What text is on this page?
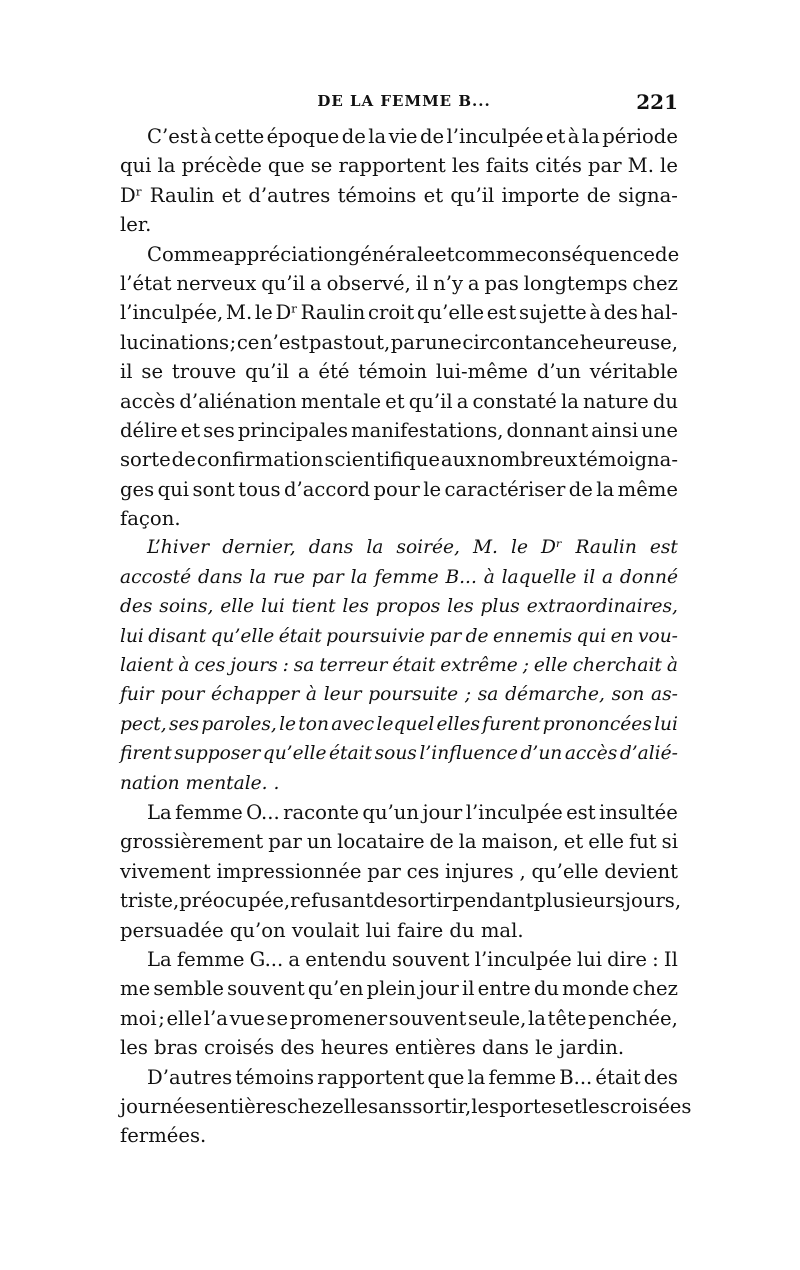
DE LA FEMME B...	221
C’est à cette époque de la vie de l’inculpée et à la période
qui la précède que se rapportent les faits cités par M. le
Dʳ Raulin et d’autres témoins et qu’il importe de signa-
ler.
Comme appréciation générale et comme conséquence de
l’état nerveux qu’il a observé, il n’y a pas longtemps chez
l’inculpée, M. le Dʳ Raulin croit qu’elle est sujette à des hal-
lucinations ; ce n’est pas tout, par une circontance heureuse,
il se trouve qu’il a été témoin lui-même d’un véritable
accès d’aliénation mentale et qu’il a constaté la nature du
délire et ses principales manifestations, donnant ainsi une
sorte de confirmation scientifique aux nombreux témoigna-
ges qui sont tous d’accord pour le caractériser de la même
façon.
L’hiver dernier, dans la soirée, M. le Dʳ Raulin est
accosté dans la rue par la femme B... à laquelle il a donné
des soins, elle lui tient les propos les plus extraordinaires,
lui disant qu’elle était poursuivie par de ennemis qui en vou-
laient à ces jours : sa terreur était extrême ; elle cherchait à
fuir pour échapper à leur poursuite ; sa démarche, son as-
pect, ses paroles, le ton avec lequel elles furent prononcées lui
firent supposer qu’elle était sous l’influence d’un accès d’alié-
nation mentale. .
La femme O... raconte qu’un jour l’inculpée est insultée
grossièrement par un locataire de la maison, et elle fut si
vivement impressionnée par ces injures , qu’elle devient
triste, préocupée, refusant de sortir pendant plusieurs jours,
persuadée qu’on voulait lui faire du mal.
La femme G... a entendu souvent l’inculpée lui dire : Il
me semble souvent qu’en plein jour il entre du monde chez
moi ; elle l’a vue se promener souvent seule, la tête penchée,
les bras croisés des heures entières dans le jardin.
D’autres témoins rapportent que la femme B... était des
journées entières chez elle sans sortir, les portes et les croisées
fermées.
